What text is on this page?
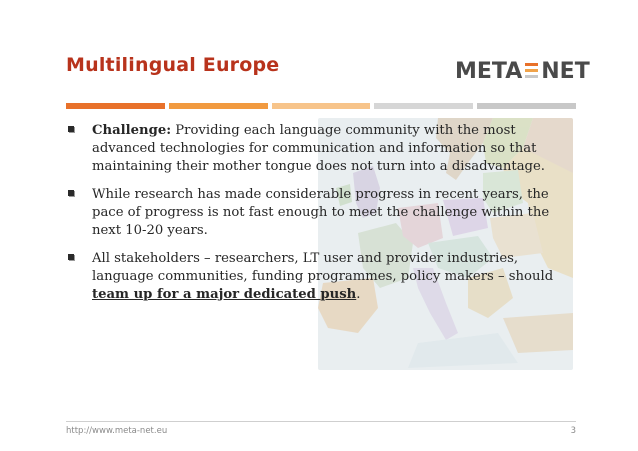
Multilingual Europe	META NET
Challenge: Providing each language community with the most advanced technologies for communication and information so that maintaining their mother tongue does not turn into a disadvantage.
While research has made considerable progress in recent years, the pace of progress is not fast enough to meet the challenge within the next 10-20 years.
All stakeholders – researchers, LT user and provider industries, language communities, funding programmes, policy makers – should team up for a major dedicated push.
http://www.meta-net.eu	3
